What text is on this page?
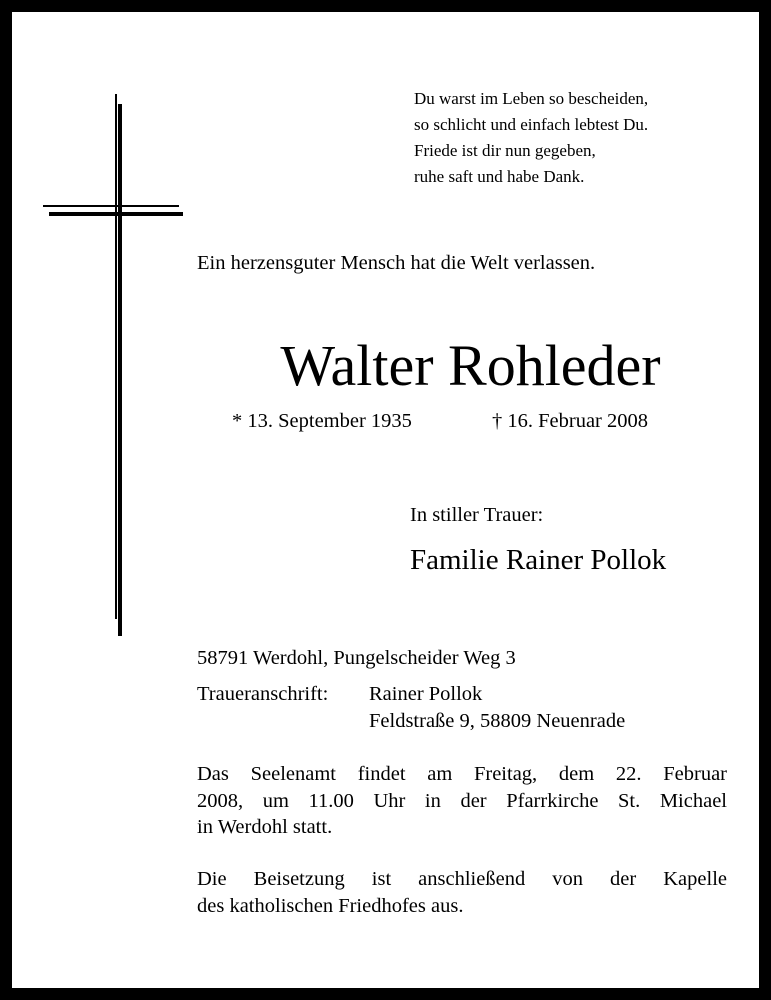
Du warst im Leben so bescheiden,
so schlicht und einfach lebtest Du.
Friede ist dir nun gegeben,
ruhe saft und habe Dank.
Ein herzensguter Mensch hat die Welt verlassen.
Walter Rohleder
* 13. September 1935	† 16. Februar 2008
In stiller Trauer:
Familie Rainer Pollok
58791 Werdohl, Pungelscheider Weg 3
Traueranschrift: Rainer Pollok
Feldstraße 9, 58809 Neuenrade
Das Seelenamt findet am Freitag, dem 22. Februar
2008, um 11.00 Uhr in der Pfarrkirche St. Michael
in Werdohl statt.
Die Beisetzung ist anschließend von der Kapelle
des katholischen Friedhofes aus.
